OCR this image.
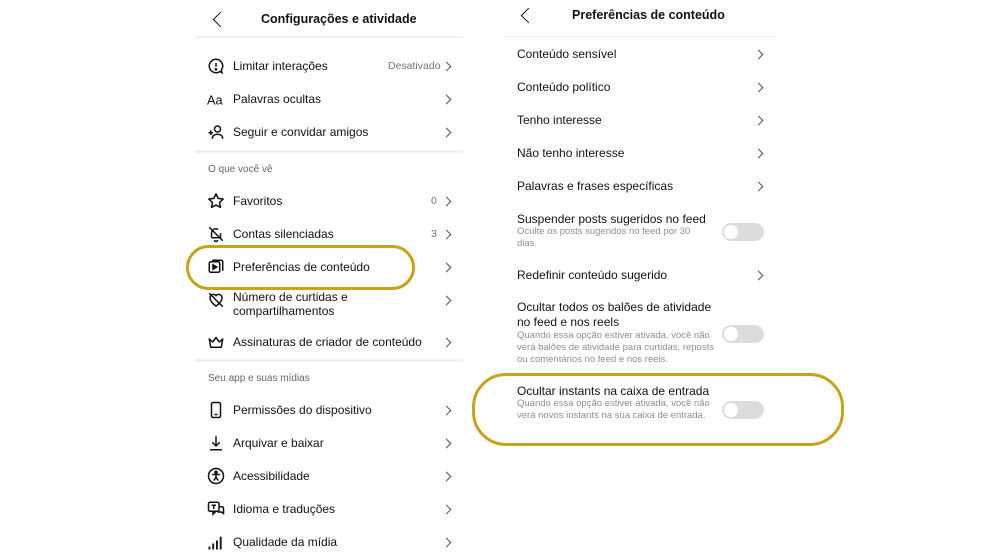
Configurações e atividade
Limitar interações	Desativado
Aa Palavras ocultas
Seguir e convidar amigos
O que você vê
Favoritos	0
Contas silenciadas	3
Preferências de conteúdo
Número de curtidas e compartilhamentos
Assinaturas de criador de conteúdo
Seu app e suas mídias
Permissões do dispositivo
Arquivar e baixar
Acessibilidade
Idioma e traduções
Qualidade da mídia
Preferências de conteúdo
Conteúdo sensível
Conteúdo político
Tenho interesse
Não tenho interesse
Palavras e frases específicas
Suspender posts sugeridos no feed
Oculte os posts sugeridos no feed por 30 dias.
Redefinir conteúdo sugerido
Ocultar todos os balões de atividade no feed e nos reels
Quando essa opção estiver ativada, você não verá balões de atividade para curtidas, reposts ou comentários no feed e nos reels.
Ocultar instants na caixa de entrada
Quando essa opção estiver ativada, você não verá novos instants na sua caixa de entrada.
